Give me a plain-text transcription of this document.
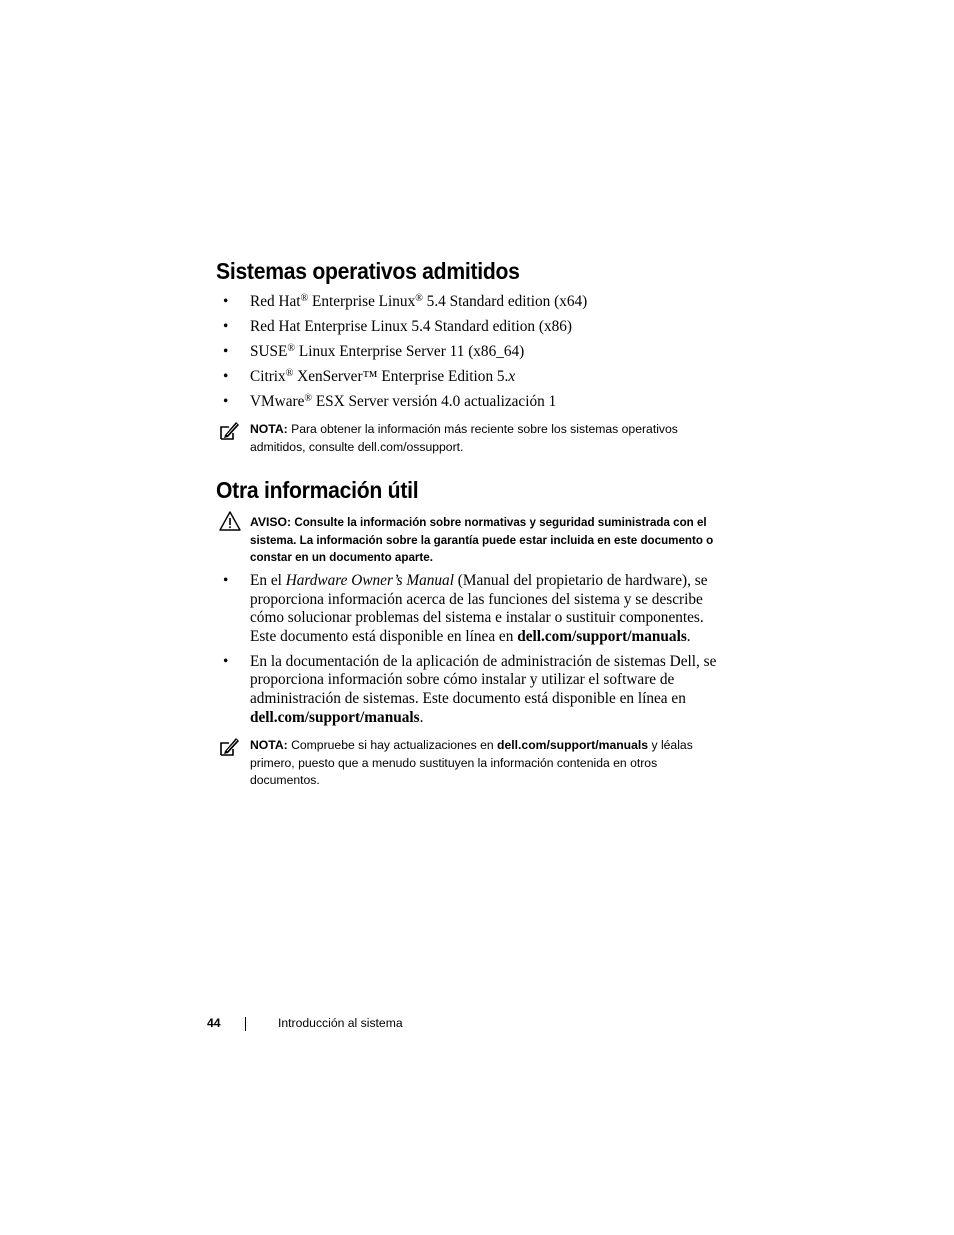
Sistemas operativos admitidos
• Red Hat® Enterprise Linux® 5.4 Standard edition (x64)
• Red Hat Enterprise Linux 5.4 Standard edition (x86)
• SUSE® Linux Enterprise Server 11 (x86_64)
• Citrix® XenServer™ Enterprise Edition 5.x
• VMware® ESX Server versión 4.0 actualización 1
NOTA: Para obtener la información más reciente sobre los sistemas operativos admitidos, consulte dell.com/ossupport.
Otra información útil
AVISO: Consulte la información sobre normativas y seguridad suministrada con el sistema. La información sobre la garantía puede estar incluida en este documento o constar en un documento aparte.
• En el Hardware Owner’s Manual (Manual del propietario de hardware), se proporciona información acerca de las funciones del sistema y se describe cómo solucionar problemas del sistema e instalar o sustituir componentes. Este documento está disponible en línea en dell.com/support/manuals.
• En la documentación de la aplicación de administración de sistemas Dell, se proporciona información sobre cómo instalar y utilizar el software de administración de sistemas. Este documento está disponible en línea en dell.com/support/manuals.
NOTA: Compruebe si hay actualizaciones en dell.com/support/manuals y léalas primero, puesto que a menudo sustituyen la información contenida en otros documentos.
44	Introducción al sistema
